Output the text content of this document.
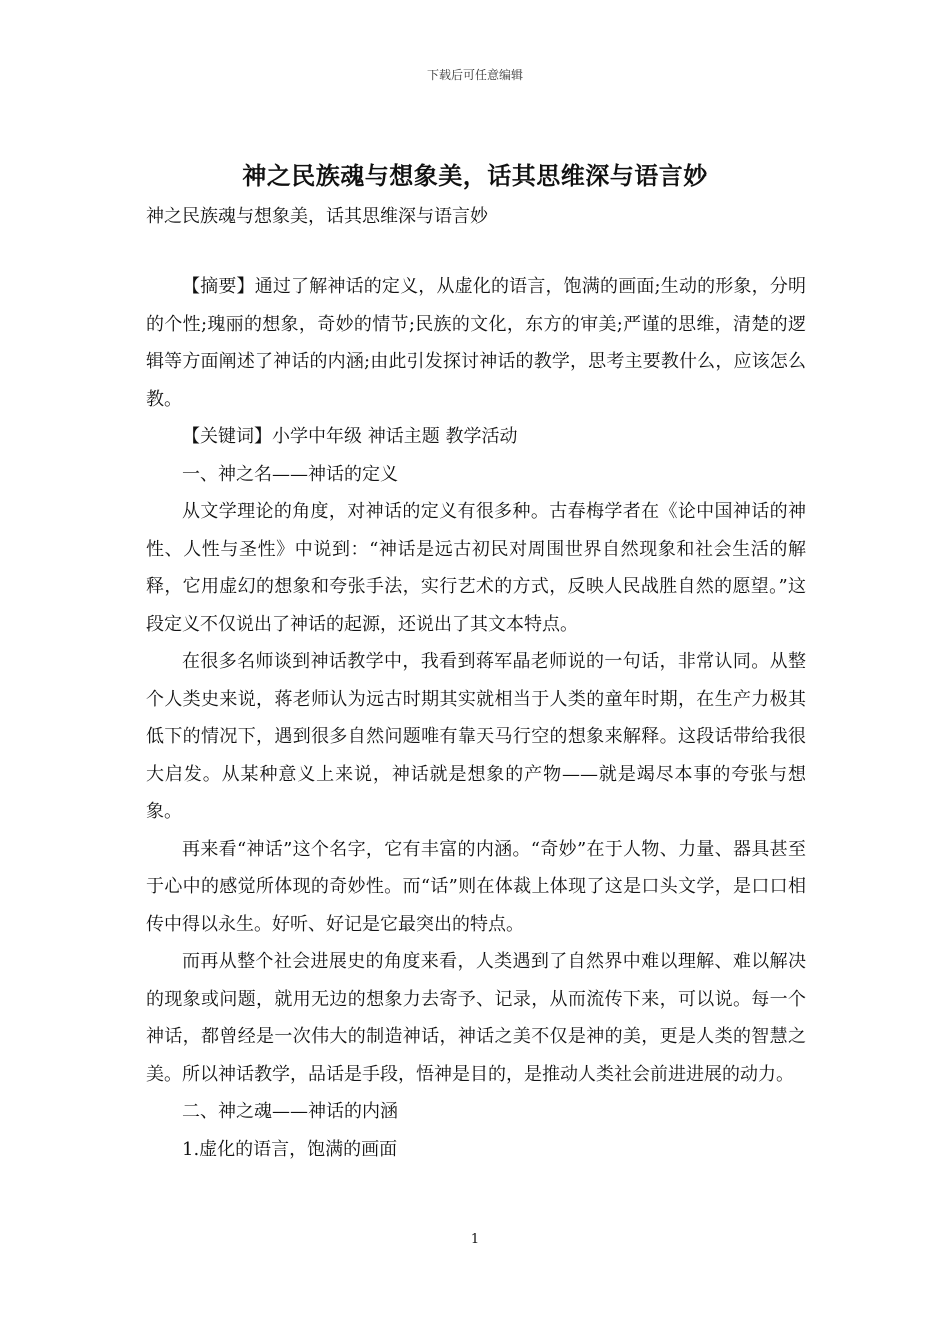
下载后可任意编辑
神之民族魂与想象美，话其思维深与语言妙

神之民族魂与想象美，话其思维深与语言妙

【摘要】通过了解神话的定义，从虚化的语言，饱满的画面;生动的形象，分明的个性;瑰丽的想象，奇妙的情节;民族的文化，东方的审美;严谨的思维，清楚的逻辑等方面阐述了神话的内涵;由此引发探讨神话的教学，思考主要教什么，应该怎么教。

【关键词】小学中年级 神话主题 教学活动

一、神之名——神话的定义

从文学理论的角度，对神话的定义有很多种。古春梅学者在《论中国神话的神性、人性与圣性》中说到：“神话是远古初民对周围世界自然现象和社会生活的解释，它用虚幻的想象和夸张手法，实行艺术的方式，反映人民战胜自然的愿望。”这段定义不仅说出了神话的起源，还说出了其文本特点。

在很多名师谈到神话教学中，我看到蒋军晶老师说的一句话，非常认同。从整个人类史来说，蒋老师认为远古时期其实就相当于人类的童年时期，在生产力极其低下的情况下，遇到很多自然问题唯有靠天马行空的想象来解释。这段话带给我很大启发。从某种意义上来说，神话就是想象的产物——就是竭尽本事的夸张与想象。

再来看“神话”这个名字，它有丰富的内涵。“奇妙”在于人物、力量、器具甚至于心中的感觉所体现的奇妙性。而“话”则在体裁上体现了这是口头文学，是口口相传中得以永生。好听、好记是它最突出的特点。

而再从整个社会进展史的角度来看，人类遇到了自然界中难以理解、难以解决的现象或问题，就用无边的想象力去寄予、记录，从而流传下来，可以说。每一个神话，都曾经是一次伟大的制造神话，神话之美不仅是神的美，更是人类的智慧之美。所以神话教学，品话是手段，悟神是目的，是推动人类社会前进进展的动力。

二、神之魂——神话的内涵

1.虚化的语言，饱满的画面

1
